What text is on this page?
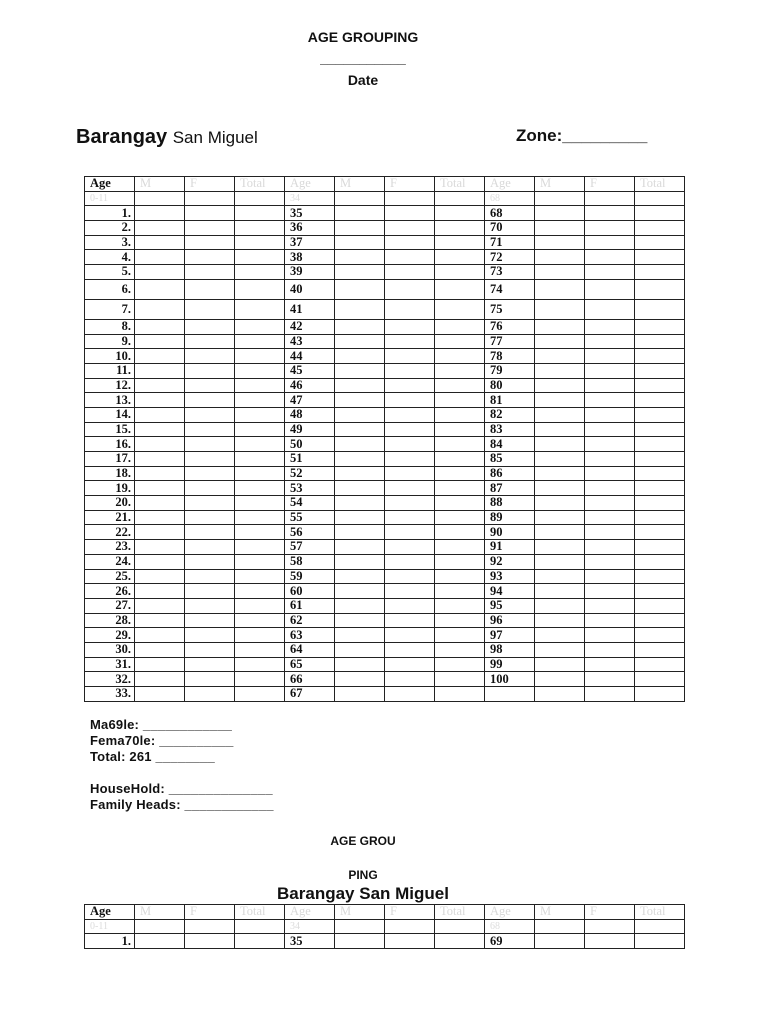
AGE GROUPING
___________
Date
Barangay San Miguel	Zone:_________
Age	M	F	Total	Age	M	F	Total	Age	M	F	Total
0-11				34				68			
1.				35				68			
2.				36				70			
3.				37				71			
4.				38				72			
5.				39				73			
6.				40				74			
7.				41				75			
8.				42				76			
9.				43				77			
10.				44				78			
11.				45				79			
12.				46				80			
13.				47				81			
14.				48				82			
15.				49				83			
16.				50				84			
17.				51				85			
18.				52				86			
19.				53				87			
20.				54				88			
21.				55				89			
22.				56				90			
23.				57				91			
24.				58				92			
25.				59				93			
26.				60				94			
27.				61				95			
28.				62				96			
29.				63				97			
30.				64				98			
31.				65				99			
32.				66				100			
33.				67							
Ma69le: ____________
Fema70le: __________
Total: 261 ________
HouseHold: ______________
Family Heads: ____________
AGE GROU
PING
Barangay San Miguel
Age	M	F	Total	Age	M	F	Total	Age	M	F	Total
0-11				34				68			
1.				35				69			
